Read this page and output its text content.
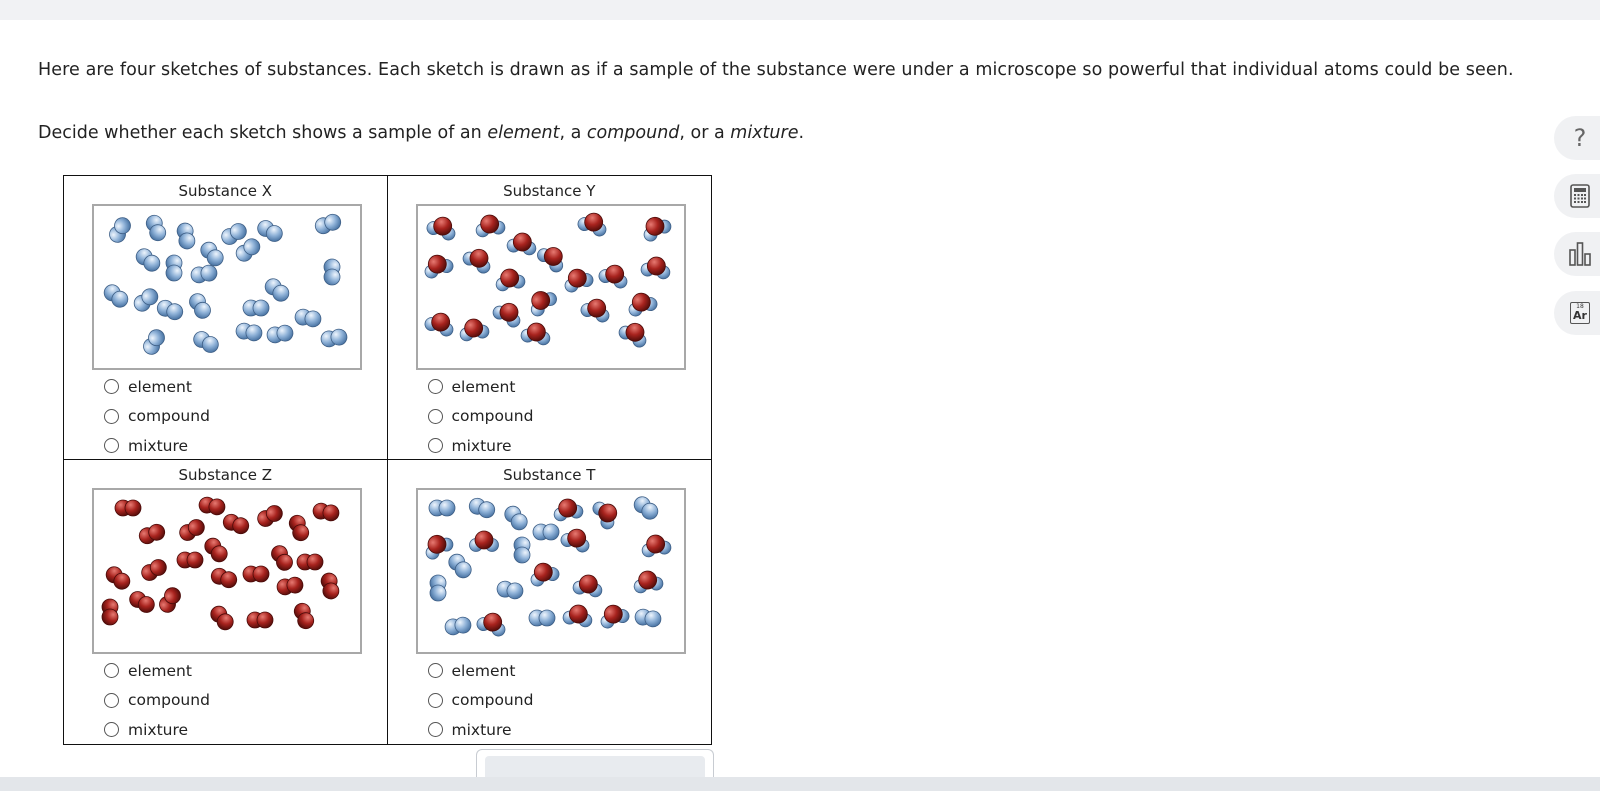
Here are four sketches of substances. Each sketch is drawn as if a sample of the substance were under a microscope so powerful that individual atoms could be seen.
Decide whether each sketch shows a sample of an element, a compound, or a mixture.
Substance X
element
compound
mixture
Substance Y
element
compound
mixture
Substance Z
element
compound
mixture
Substance T
element
compound
mixture
?
18
Ar
